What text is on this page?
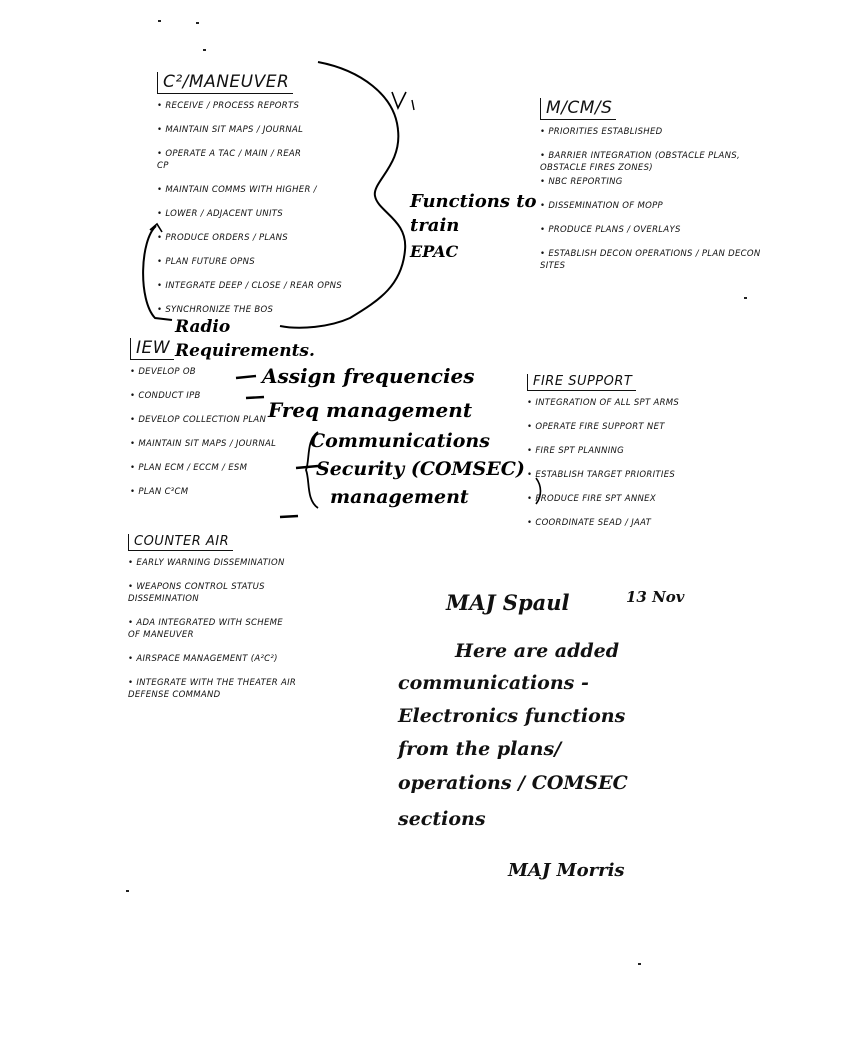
C²/MANEUVER
• RECEIVE / PROCESS REPORTS
• MAINTAIN SIT MAPS / JOURNAL
• OPERATE A TAC / MAIN / REAR CP
• MAINTAIN COMMS WITH HIGHER /
• LOWER / ADJACENT UNITS
• PRODUCE ORDERS / PLANS
• PLAN FUTURE OPNS
• INTEGRATE DEEP / CLOSE / REAR OPNS
• SYNCHRONIZE THE BOS
M/CM/S
• PRIORITIES ESTABLISHED
• BARRIER INTEGRATION (OBSTACLE PLANS, OBSTACLE FIRES ZONES)
• NBC REPORTING
• DISSEMINATION OF MOPP
• PRODUCE PLANS / OVERLAYS
• ESTABLISH DECON OPERATIONS / PLAN DECON SITES
IEW
• DEVELOP OB
• CONDUCT IPB
• DEVELOP COLLECTION PLAN
• MAINTAIN SIT MAPS / JOURNAL
• PLAN ECM / ECCM / ESM
• PLAN C³CM
FIRE SUPPORT
• INTEGRATION OF ALL SPT ARMS
• OPERATE FIRE SUPPORT NET
• FIRE SPT PLANNING
• ESTABLISH TARGET PRIORITIES
• PRODUCE FIRE SPT ANNEX
• COORDINATE SEAD / JAAT
COUNTER AIR
• EARLY WARNING DISSEMINATION
• WEAPONS CONTROL STATUS DISSEMINATION
• ADA INTEGRATED WITH SCHEME OF MANEUVER
• AIRSPACE MANAGEMENT (A²C²)
• INTEGRATE WITH THE THEATER AIR DEFENSE COMMAND
Functions to train
EPAC
Radio Requirements.
Assign frequencies
Freq management
Communications
Security (COMSEC)
management
MAJ Spaul	13 Nov
Here are added
communications -
Electronics functions
from the plans/
operations / COMSEC
sections
MAJ Morris
